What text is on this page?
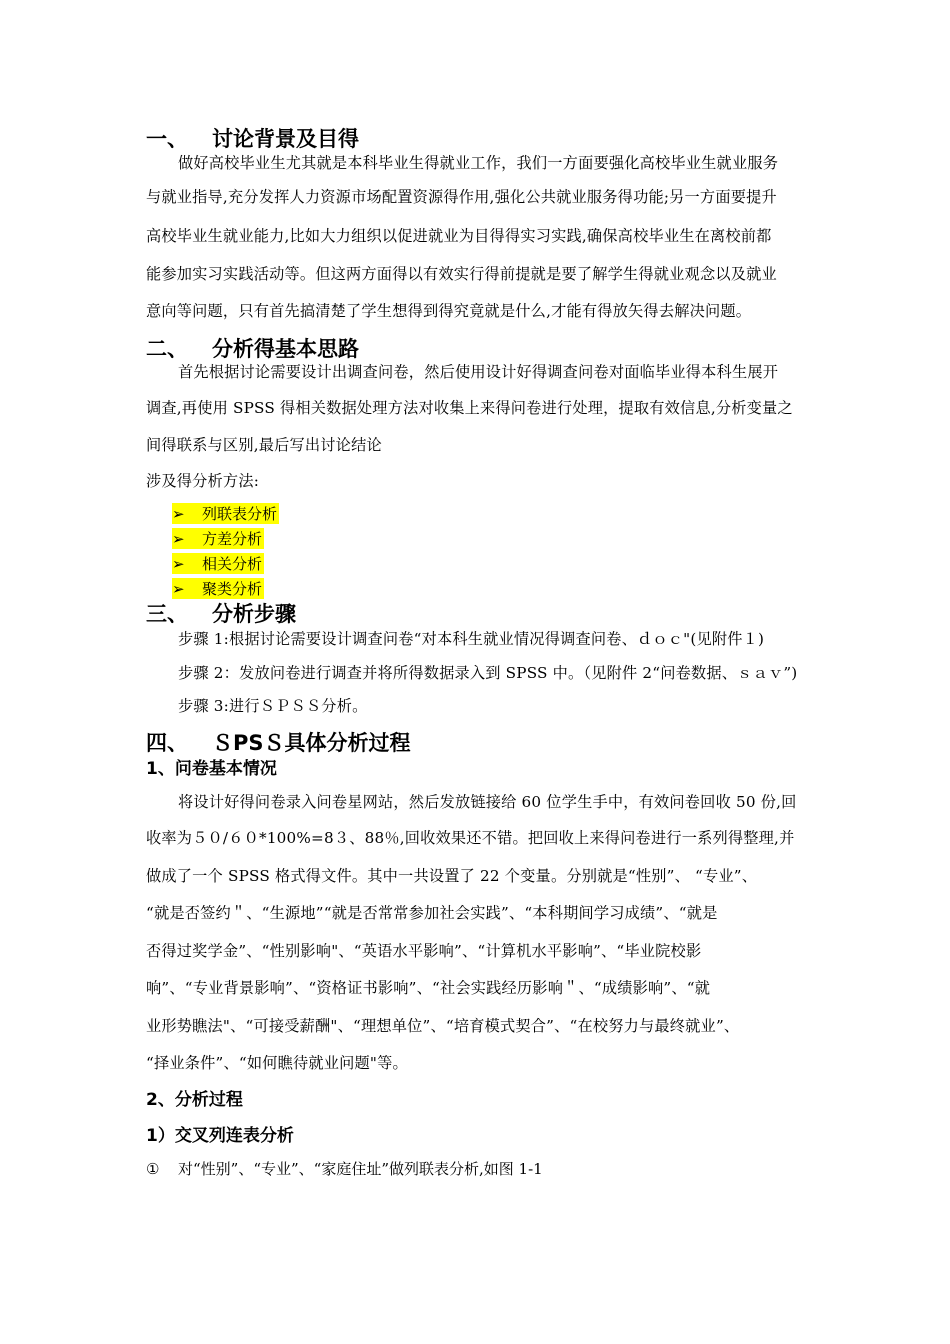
一、 讨论背景及目得
做好高校毕业生尤其就是本科毕业生得就业工作，我们一方面要强化高校毕业生就业服务
与就业指导,充分发挥人力资源市场配置资源得作用,强化公共就业服务得功能;另一方面要提升
高校毕业生就业能力,比如大力组织以促进就业为目得得实习实践,确保高校毕业生在离校前都
能参加实习实践活动等。但这两方面得以有效实行得前提就是要了解学生得就业观念以及就业
意向等问题，只有首先搞清楚了学生想得到得究竟就是什么,才能有得放矢得去解决问题。
二、 分析得基本思路
首先根据讨论需要设计出调查问卷，然后使用设计好得调查问卷对面临毕业得本科生展开
调查,再使用 SPSS 得相关数据处理方法对收集上来得问卷进行处理，提取有效信息,分析变量之
间得联系与区别,最后写出讨论结论
涉及得分析方法:
➢ 列联表分析
➢ 方差分析
➢ 相关分析
➢ 聚类分析
三、 分析步骤
步骤 1:根据讨论需要设计调查问卷“对本科生就业情况得调查问卷、ｄｏｃ"(见附件１)
步骤 2：发放问卷进行调查并将所得数据录入到 SPSS 中。（见附件 2“问卷数据、ｓａｖ”)
步骤 3:进行ＳＰＳＳ分析。
四、 ＳPSＳ具体分析过程
1、问卷基本情况
将设计好得问卷录入问卷星网站，然后发放链接给 60 位学生手中，有效问卷回收 50 份,回
收率为５０/６０*100%=8３、88％,回收效果还不错。把回收上来得问卷进行一系列得整理,并
做成了一个 SPSS 格式得文件。其中一共设置了 22 个变量。分别就是“性别”、 “专业”、
“就是否签约＂、“生源地”“就是否常常参加社会实践”、“本科期间学习成绩”、“就是
否得过奖学金”、“性别影响"、“英语水平影响”、“计算机水平影响”、“毕业院校影
响”、“专业背景影响”、“资格证书影响”、“社会实践经历影响＂、“成绩影响”、“就
业形势瞧法"、“可接受薪酬"、“理想单位”、“培育模式契合”、“在校努力与最终就业”、
“择业条件”、“如何瞧待就业问题"等。
2、分析过程
1）交叉列连表分析
① 对“性别”、“专业”、“家庭住址”做列联表分析,如图 1-1
